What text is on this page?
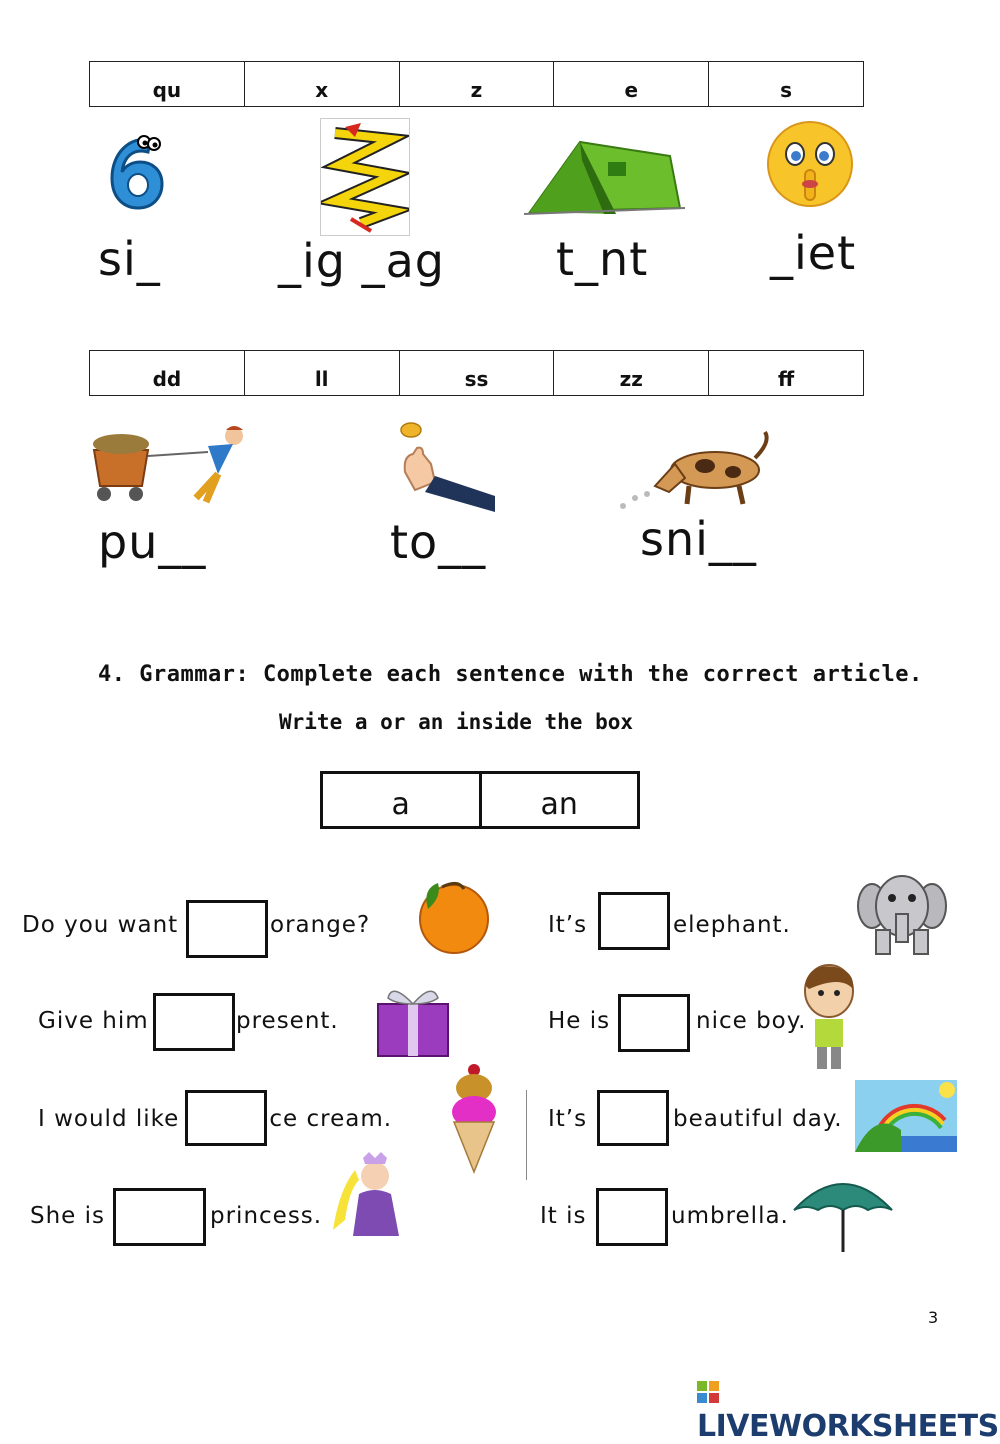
qu	x	z	e	s
si_	_ig _ag t_nt	_iet
dd	ll	ss	zz	ff
pu__	to__	sni__
4. Grammar: Complete each sentence with the correct article.
Write a or an inside the box
a	an
Do you want	orange?
Give him	present.
I would like	ice cream.
She is	princess.
It’s	elephant.
He is	nice boy.
It’s	beautiful day.
It is	umbrella.
3
LIVEWORKSHEETS
